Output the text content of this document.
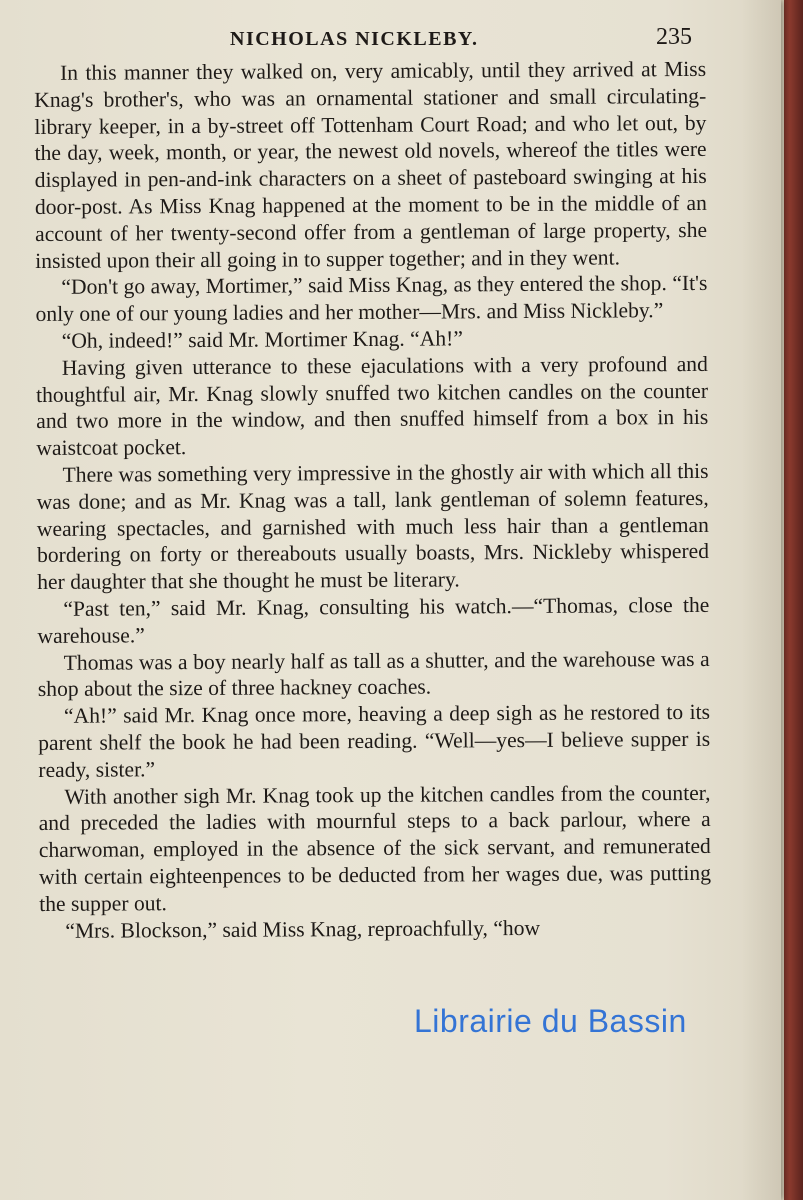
NICHOLAS NICKLEBY.	235

In this manner they walked on, very amicably, until they arrived at Miss Knag's brother's, who was an ornamental stationer and small circulating-library keeper, in a by-street off Tottenham Court Road; and who let out, by the day, week, month, or year, the newest old novels, whereof the titles were displayed in pen-and-ink characters on a sheet of pasteboard swinging at his door-post. As Miss Knag happened at the moment to be in the middle of an account of her twenty-second offer from a gentleman of large property, she insisted upon their all going in to supper together; and in they went.

“Don't go away, Mortimer,” said Miss Knag, as they entered the shop. “It's only one of our young ladies and her mother—Mrs. and Miss Nickleby.”

“Oh, indeed!” said Mr. Mortimer Knag. “Ah!”

Having given utterance to these ejaculations with a very profound and thoughtful air, Mr. Knag slowly snuffed two kitchen candles on the counter and two more in the window, and then snuffed himself from a box in his waistcoat pocket.

There was something very impressive in the ghostly air with which all this was done; and as Mr. Knag was a tall, lank gentleman of solemn features, wearing spectacles, and garnished with much less hair than a gentleman bordering on forty or thereabouts usually boasts, Mrs. Nickleby whispered her daughter that she thought he must be literary.

“Past ten,” said Mr. Knag, consulting his watch.—“Thomas, close the warehouse.”

Thomas was a boy nearly half as tall as a shutter, and the warehouse was a shop about the size of three hackney coaches.

“Ah!” said Mr. Knag once more, heaving a deep sigh as he restored to its parent shelf the book he had been reading. “Well—yes—I believe supper is ready, sister.”

With another sigh Mr. Knag took up the kitchen candles from the counter, and preceded the ladies with mournful steps to a back parlour, where a charwoman, employed in the absence of the sick servant, and remunerated with certain eighteenpences to be deducted from her wages due, was putting the supper out.

“Mrs. Blockson,” said Miss Knag, reproachfully, “how

Librairie du Bassin
